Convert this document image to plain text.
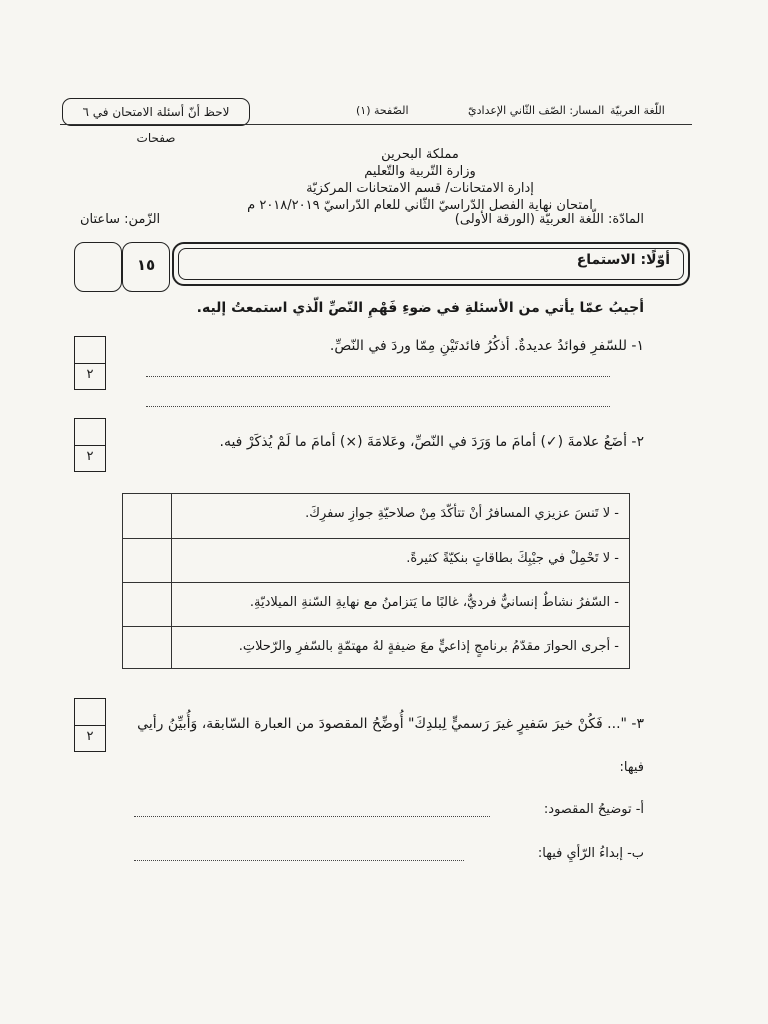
لاحظ أنّ أسئلة الامتحان في ٦ صفحات
الصّفحة (١)	المسار: الصّف الثّاني الإعداديّ اللّغة العربيّة
مملكة البحرين
وزارة التّربية والتّعليم
إدارة الامتحانات/ قسم الامتحانات المركزيّة
امتحان نهاية الفصل الدّراسيّ الثّاني للعام الدّراسيّ ٢٠١٨/٢٠١٩ م
المادّة: اللّغة العربيّة (الورقة الأولى)
الزّمن: ساعتان
أوّلًا: الاستماع
١٥
أجيبُ عمّا يأتي من الأسئلةِ في ضوءِ فَهْمِ النّصِّ الّذي استمعتُ إليه.
١- للسّفرِ فوائدُ عديدةٌ. أذكُرُ فائدتَيْنِ مِمّا وردَ في النّصِّ.
٢
٢- أضَعُ علامةَ (✓) أمامَ ما وَرَدَ في النّصِّ، وعَلامَةَ (×) أمامَ ما لَمْ يُذكَرْ فيه.
٢
- لا تَنسَ عزيزي المسافرُ أنْ تتأكّدَ مِنْ صلاحيّةِ جوازِ سفرِكَ.
- لا تَحْمِلْ في جيْبِكَ بطاقاتٍ بنكيّةً كثيرةً.
- السّفرُ نشاطٌ إنسانيٌّ فرديٌّ، غالبًا ما يَتزامنُ مع نهايةِ السّنةِ الميلاديّةِ.
- أجرى الحوارَ مقدّمُ برنامجٍ إذاعيٍّ معَ ضيفةٍ لهُ مهتمّةٍ بالسّفرِ والرّحلاتِ.
٣- "... فَكُنْ خيرَ سَفيرٍ غيرَ رَسميٍّ لِبلدِكَ" أُوضِّحُ المقصودَ من العبارة السّابقة، وَأُبيِّنُ رأيي
فيها:
٢
أ- توضيحُ المقصود:
ب- إبداءُ الرّأيِ فيها:
